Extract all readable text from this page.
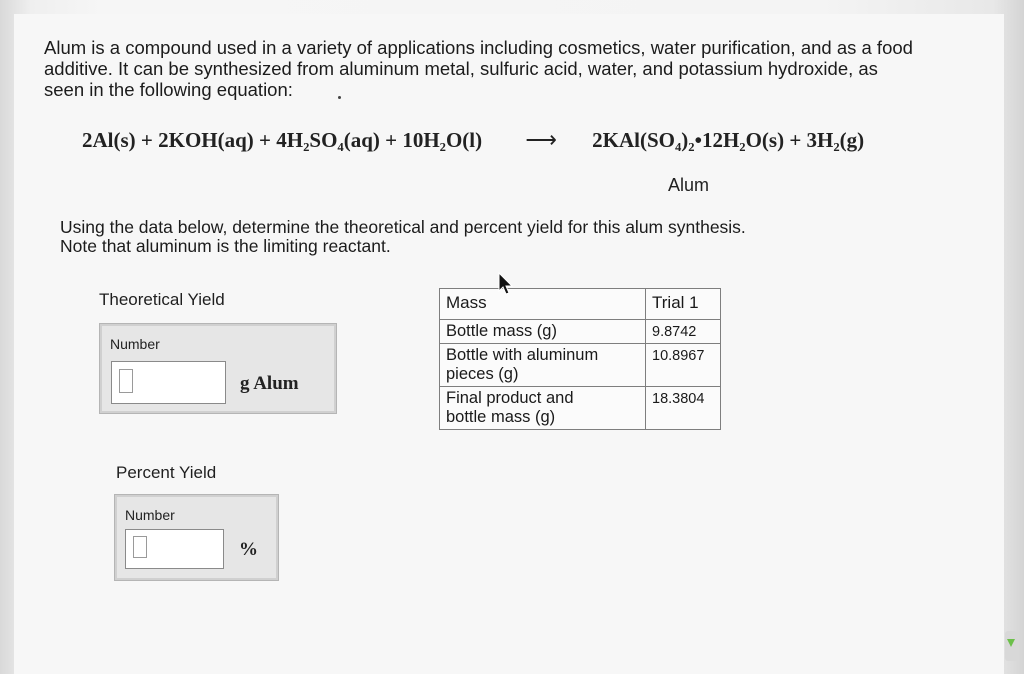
Alum is a compound used in a variety of applications including cosmetics, water purification, and as a food
additive. It can be synthesized from aluminum metal, sulfuric acid, water, and potassium hydroxide, as
seen in the following equation:
2Al(s) + 2KOH(aq) + 4H₂SO₄(aq) + 10H₂O(l) ⟶ 2KAl(SO₄)₂•12H₂O(s) + 3H₂(g)
Alum
Using the data below, determine the theoretical and percent yield for this alum synthesis.
Note that aluminum is the limiting reactant.
Theoretical Yield
Number
g Alum
Percent Yield
Number
%
Mass	Trial 1
Bottle mass (g)	9.8742
Bottle with aluminum
pieces (g)	10.8967
Final product and
bottle mass (g)	18.3804
